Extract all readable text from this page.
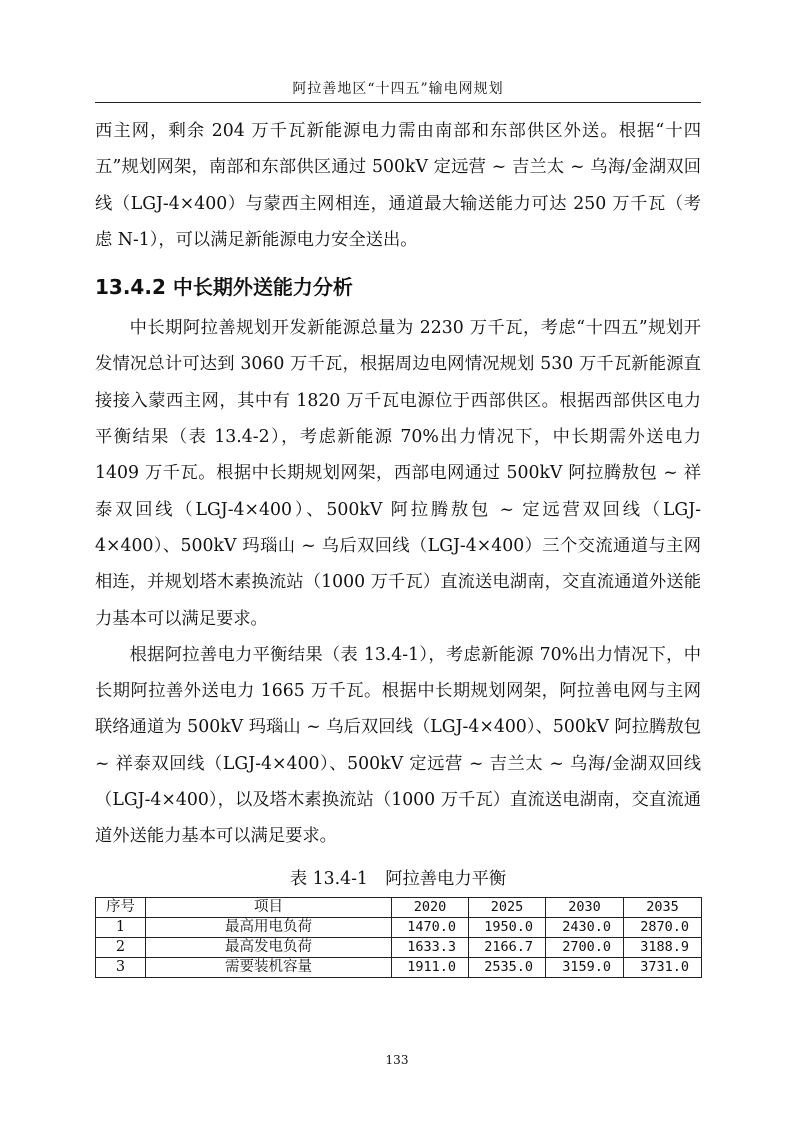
阿拉善地区“十四五”输电网规划

西主网，剩余 204 万千瓦新能源电力需由南部和东部供区外送。根据“十四五”规划网架，南部和东部供区通过 500kV 定远营 ~ 吉兰太 ~ 乌海/金湖双回线（LGJ-4×400）与蒙西主网相连，通道最大输送能力可达 250 万千瓦（考虑 N-1），可以满足新能源电力安全送出。

13.4.2 中长期外送能力分析

中长期阿拉善规划开发新能源总量为 2230 万千瓦，考虑“十四五”规划开发情况总计可达到 3060 万千瓦，根据周边电网情况规划 530 万千瓦新能源直接接入蒙西主网，其中有 1820 万千瓦电源位于西部供区。根据西部供区电力平衡结果（表 13.4-2），考虑新能源 70%出力情况下，中长期需外送电力 1409 万千瓦。根据中长期规划网架，西部电网通过 500kV 阿拉腾敖包 ~ 祥泰双回线（LGJ-4×400）、500kV 阿拉腾敖包 ~ 定远营双回线（LGJ-4×400）、500kV 玛瑙山 ~ 乌后双回线（LGJ-4×400）三个交流通道与主网相连，并规划塔木素换流站（1000 万千瓦）直流送电湖南，交直流通道外送能力基本可以满足要求。

根据阿拉善电力平衡结果（表 13.4-1），考虑新能源 70%出力情况下，中长期阿拉善外送电力 1665 万千瓦。根据中长期规划网架，阿拉善电网与主网联络通道为 500kV 玛瑙山 ~ 乌后双回线（LGJ-4×400）、500kV 阿拉腾敖包 ~ 祥泰双回线（LGJ-4×400）、500kV 定远营 ~ 吉兰太 ~ 乌海/金湖双回线（LGJ-4×400），以及塔木素换流站（1000 万千瓦）直流送电湖南，交直流通道外送能力基本可以满足要求。

表 13.4-1　阿拉善电力平衡

序号	项目	2020	2025	2030	2035
1	最高用电负荷	1470.0	1950.0	2430.0	2870.0
2	最高发电负荷	1633.3	2166.7	2700.0	3188.9
3	需要装机容量	1911.0	2535.0	3159.0	3731.0
133
